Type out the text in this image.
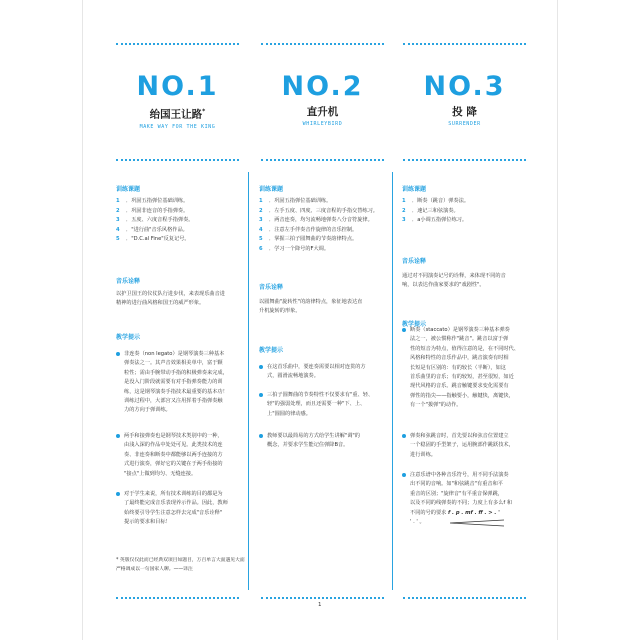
NO.1
绐国王让路*
MAKE WAY FOR THE KING
NO.2
直升机
WHIRLEYBIRD
NO.3
投 降
SURRENDER
训练课题
1 ．巩固五指弹位基础训练。
2 ．巩固非连音的手指弹奏。
3 ．五度、六度音程手指弹奏。
4 ．"进行曲"音乐风格作品。
5 ．"D.C.al Fine"反复记号。
音乐诠释
以护卫国王的仪仗队行进步伐，来表现乐曲音进
精神的进行曲风格和国王的威严形象。
教学提示
非连奏（non legato）是钢琴演奏三种基本
弹奏法之一。其声音效果相美单中，富于颗
粒性；需由手腕带动手指的积极弹奏来完成，
是没入门阶段就需要有对手指弹奏能力的训
练，这是钢琴演奏手指技术最重要的基本功！
训练过程中，大部宫又注用挥着手指弹奏触
力的方向于弹训练。
两手和接弹奏也是钢琴技术类别中的一种，
由浅入深的作品中处处可见。此类技术的连
奏、非连奏和断奏中都能够以两手连接的方
式进行演奏，弹好它的关键在于两手衔接的
"接点"上做到均匀、无缝连接。
对于学生来说，所有技术训练的目的都是为
了最终能完成音乐表现养示作品。因此，教师
始终要引导学生注意怎样去完成"音乐诠释"
提示的要求和目标！
* 英版仅仅此而已经典双项目如题目，万百单言大面遇见大面
严格调成以一句国家人聊。——译注
训练课题
1 ．巩固五指弹位基础训练。
2 ．左手五度、四度、三度音程的手指交替练习。
3 ．两音连奏，均匀流畅地弹奏八分音符旋律。
4 ．注意左手伴奏音作旋律的音乐控制。
5 ．掌握三拍子圆舞曲的节奏韵律特点。
6 ．学习一个降号的F大调。
音乐诠释
以圆舞曲"旋转性"的韵律特点，象征地表达直
升机旋转的形象。
教学提示
在这首乐曲中，要连奏需要以相对连贯的方
式，圆滑流畅地演奏。
三拍子圆舞曲的节奏特性不仅要求有"重、轻、
轻"的强弱处理，而且还需要一种"下、上、
上"圆圆的律动感。
教师要以最简易的方式给学生讲解"调"的
概念，并要求学生能记住弹降B音。
训练课题
1 ．断奏（跳音）弹奏法。
2 ．速记三和弦演奏。
3 ．a小调五指弹位练习。
音乐诠释
通过对不同演奏记号的诠释，来体现不同的音
响，以表达作曲家要求的"戏剧性"。
教学提示
断奏（staccato）是钢琴演奏三种基本弹奏
法之一，被公惯称作"跳音"。跳音以富于弹
性的短音为特点，值得注意的是，在不同时代、
风格和特性的音乐作品中，跳音演奏有时相
长短是有区别的：有的较长（半断），如这
首乐曲里的音乐；有的较短，甚至很短，如近
现代风格的音乐。跳音触键要求变化需要有
弹性的指尖——指触要小，触键快，离键快，
有一个"拨弹"的动作。
弹奏和弦跳音时，首先要以和弦音位置建立
一个稳固的手型架子，运用腕部作跳跃技术，
进行训练。
注意乐谱中各种音乐符号，用不同手法演奏
出不同的音响。如"和弦跳音"有重音和平
重音的区别；"旋律音"有平重音保弹跳，
以及不同的线弹奏的不同；力度上有多么f 和
不同的号的要求 f . p . mf . ff . > . '
' . ' 。
1
